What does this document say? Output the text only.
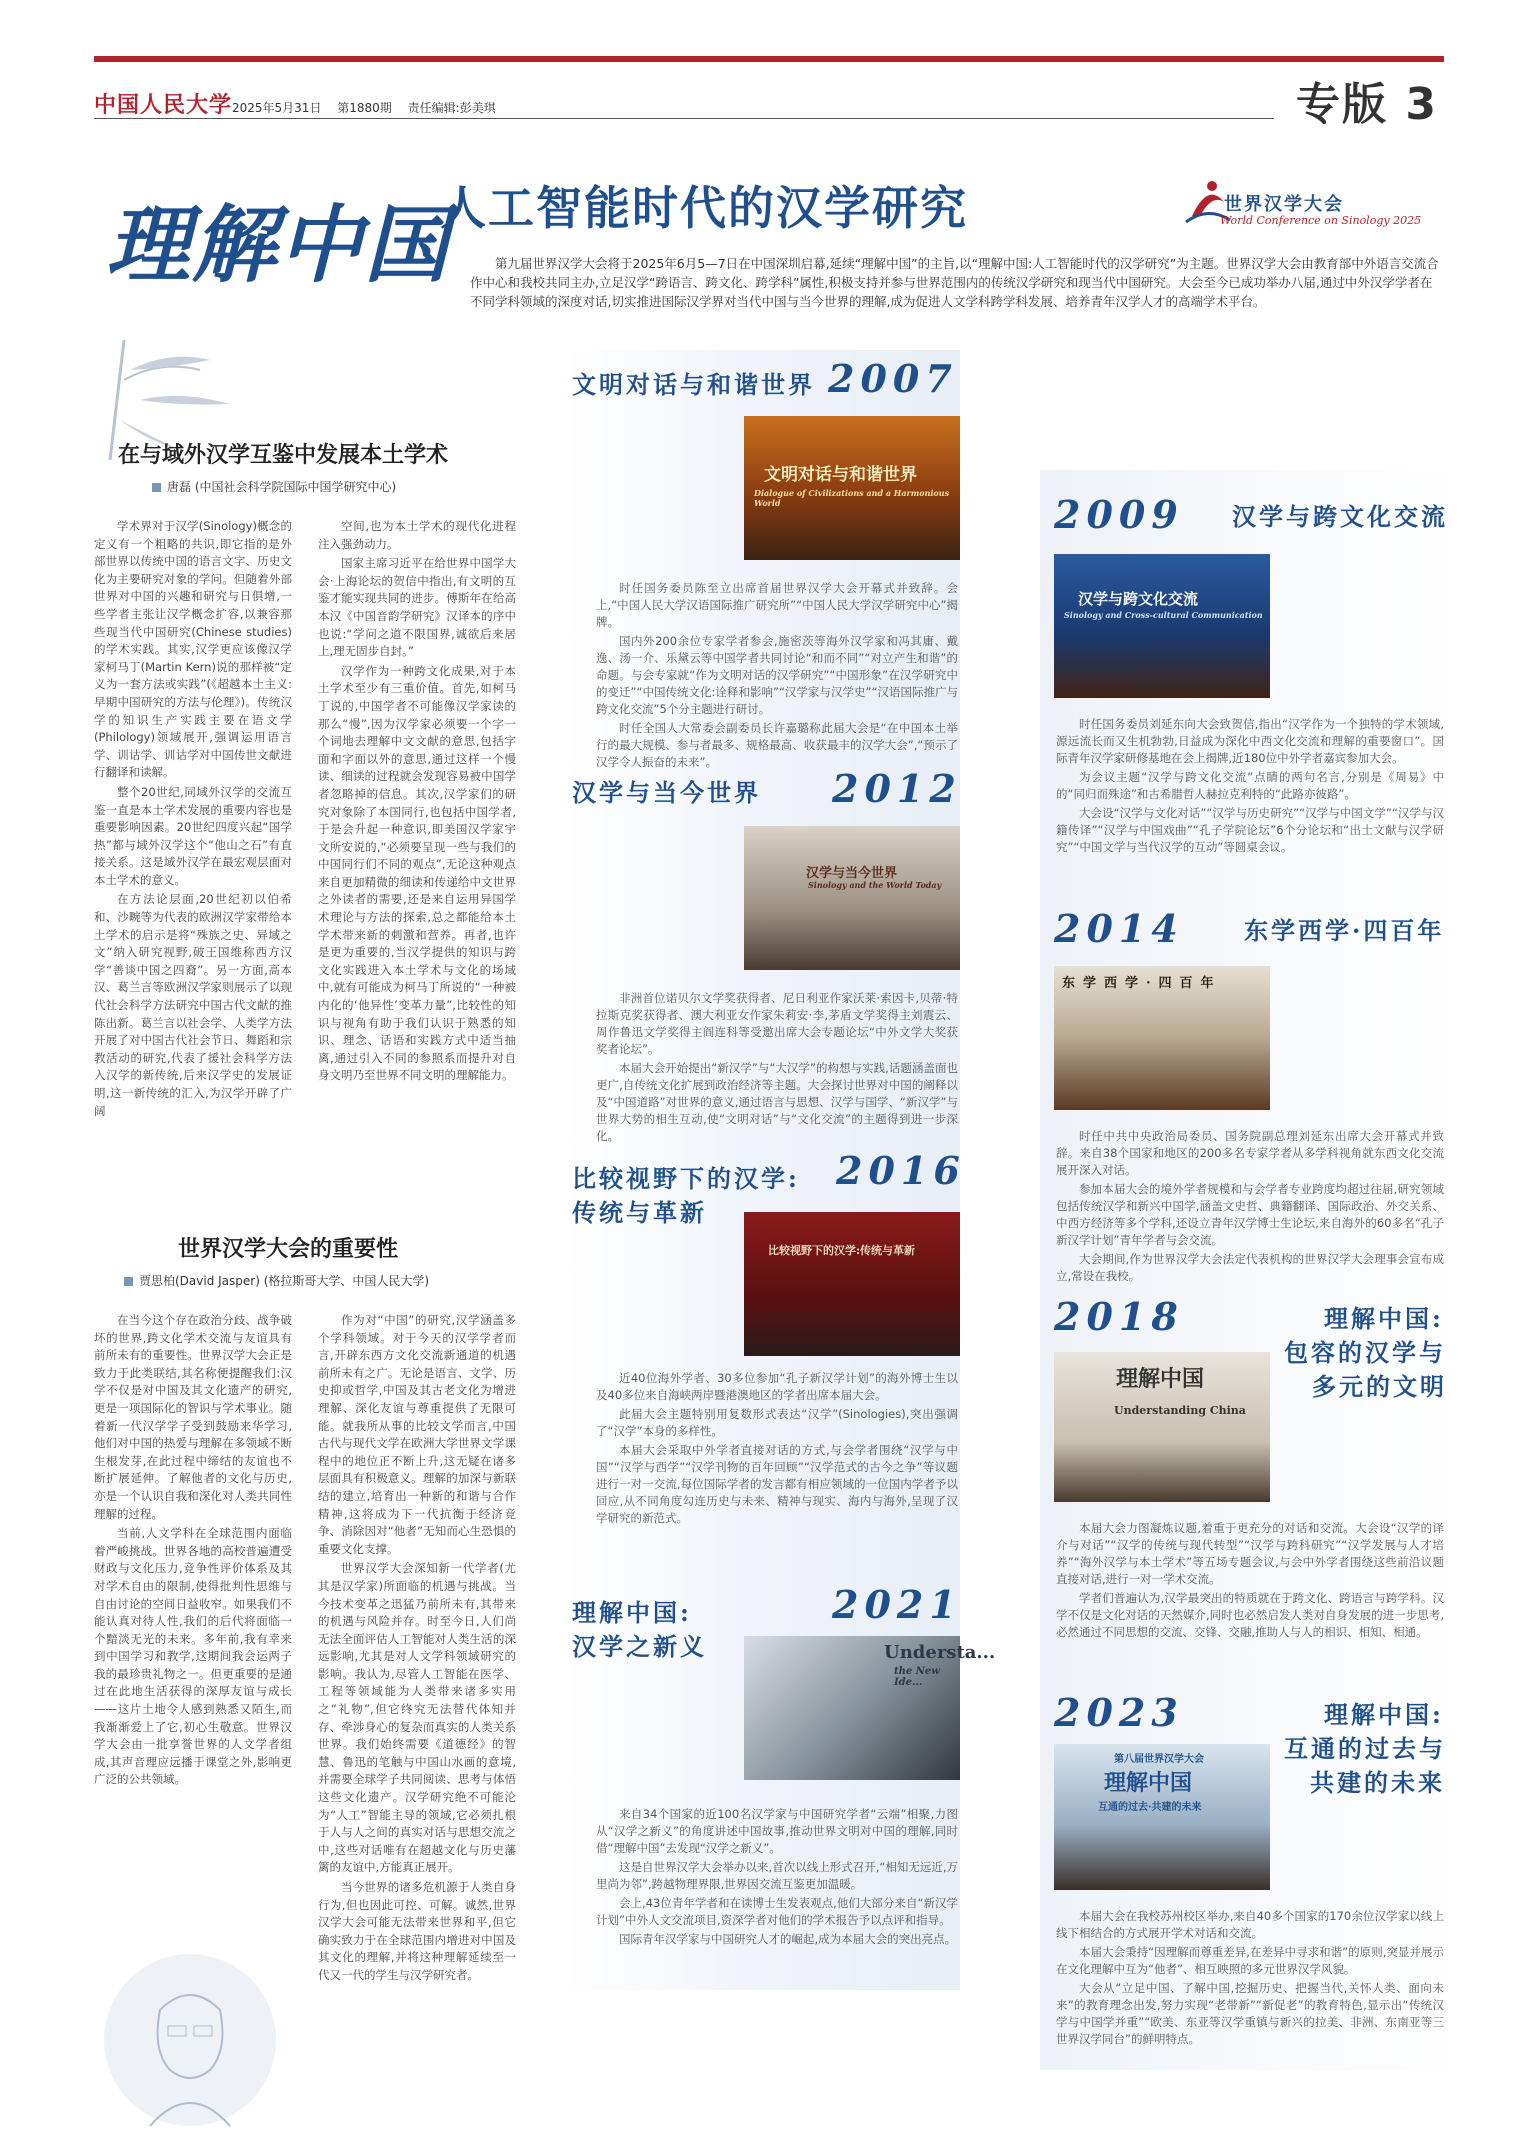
中国人民大学 2025年5月31日 第1880期 责任编辑:彭美琪	专版 3
理解中国
人工智能时代的汉学研究	世界汉学大会
World Conference on Sinology 2025
第九届世界汉学大会将于2025年6月5—7日在中国深圳启幕,延续“理解中国”的主旨,以“理解中国:人工智能时代的汉学研究”为主题。世界汉学大会由教育部中外语言交流合作中心和我校共同主办,立足汉学“跨语言、跨文化、跨学科”属性,积极支持并参与世界范围内的传统汉学研究和现当代中国研究。大会至今已成功举办八届,通过中外汉学学者在不同学科领域的深度对话,切实推进国际汉学界对当代中国与当今世界的理解,成为促进人文学科跨学科发展、培养青年汉学人才的高端学术平台。
在与域外汉学互鉴中发展本土学术
唐磊 (中国社会科学院国际中国学研究中心)

学术界对于汉学(Sinology)概念的定义有一个粗略的共识,即它指的是外部世界以传统中国的语言文字、历史文化为主要研究对象的学问。但随着外部世界对中国的兴趣和研究与日俱增,一些学者主张让汉学概念扩容,以兼容那些现当代中国研究(Chinese studies)的学术实践。其实,汉学更应该像汉学家柯马丁(Martin Kern)说的那样被“定义为一套方法或实践”(《超越本土主义:早期中国研究的方法与伦理》)。传统汉学的知识生产实践主要在语文学(Philology)领域展开,强调运用语言学、训诂学、训诂学对中国传世文献进行翻译和读解。

整个20世纪,同域外汉学的交流互鉴一直是本土学术发展的重要内容也是重要影响因素。20世纪四度兴起“国学热”都与域外汉学这个“他山之石”有直接关系。这是域外汉学在最宏观层面对本土学术的意义。

在方法论层面,20世纪初以伯希和、沙畹等为代表的欧洲汉学家带给本土学术的启示是将“殊族之史、异域之文”纳入研究视野,破王国维称西方汉学“善谈中国之四裔”。另一方面,高本汉、葛兰言等欧洲汉学家则展示了以现代社会科学方法研究中国古代文献的推陈出新。葛兰言以社会学、人类学方法开展了对中国古代社会节日、舞蹈和宗教活动的研究,代表了援社会科学方法入汉学的新传统,后来汉学史的发展证明,这一新传统的汇入,为汉学开辟了广阔

空间,也为本土学术的现代化进程注入强劲动力。

国家主席习近平在给世界中国学大会·上海论坛的贺信中指出,有文明的互鉴才能实现共同的进步。傅斯年在给高本汉《中国音韵学研究》汉译本的序中也说:“学问之道不限国界,诚欲后来居上,理无固步自封。”

汉学作为一种跨文化成果,对于本土学术至少有三重价值。首先,如柯马丁说的,中国学者不可能像汉学家读的那么“慢”,因为汉学家必须要一个字一个词地去理解中文文献的意思,包括字面和字面以外的意思,通过这样一个慢读、细读的过程就会发现容易被中国学者忽略掉的信息。其次,汉学家们的研究对象除了本国同行,也包括中国学者,于是会升起一种意识,即美国汉学家宇文所安说的,“必须要呈现一些与我们的中国同行们不同的观点”,无论这种观点来自更加精微的细读和传递给中文世界之外读者的需要,还是来自运用异国学术理论与方法的探索,总之都能给本土学术带来新的刺激和营养。再者,也许是更为重要的,当汉学提供的知识与跨文化实践进入本土学术与文化的场域中,就有可能成为柯马丁所说的“一种被内化的‘他异性’变革力量”,比较性的知识与视角有助于我们认识于熟悉的知识、理念、话语和实践方式中适当抽离,通过引入不同的参照系而提升对自身文明乃至世界不同文明的理解能力。

世界汉学大会的重要性
贾思柏(David Jasper) (格拉斯哥大学、中国人民大学)

在当今这个存在政治分歧、战争破坏的世界,跨文化学术交流与友谊具有前所未有的重要性。世界汉学大会正是致力于此类联结,其名称便提醒我们:汉学不仅是对中国及其文化遗产的研究,更是一项国际化的智识与学术事业。随着新一代汉学学子受到鼓励来华学习,他们对中国的热爱与理解在多领域不断生根发芽,在此过程中缔结的友谊也不断扩展延伸。了解他者的文化与历史,亦是一个认识自我和深化对人类共同性理解的过程。

当前,人文学科在全球范围内面临着严峻挑战。世界各地的高校普遍遭受财政与文化压力,竞争性评价体系及其对学术自由的限制,使得批判性思维与自由讨论的空间日益收窄。如果我们不能认真对待人性,我们的后代将面临一个黯淡无光的未来。多年前,我有幸来到中国学习和教学,这期间我会运两子我的最珍贵礼物之一。但更重要的是通过在此地生活获得的深厚友谊与成长——这片土地令人感到熟悉又陌生,而我渐渐爱上了它,初心生敬意。世界汉学大会由一批享誉世界的人文学者组成,其声音理应远播于课堂之外,影响更广泛的公共领域。

作为对“中国”的研究,汉学涵盖多个学科领域。对于今天的汉学学者而言,开辟东西方文化交流新通道的机遇前所未有之广。无论是语言、文学、历史抑或哲学,中国及其古老文化为增进理解、深化友谊与尊重提供了无限可能。就我所从事的比较文学而言,中国古代与现代文学在欧洲大学世界文学课程中的地位正不断上升,这无疑在诸多层面具有积极意义。理解的加深与新联结的建立,培育出一种新的和谐与合作精神,这将成为下一代抗衡于经济竞争、消除因对“他者”无知而心生恐惧的重要文化支撑。

世界汉学大会深知新一代学者(尤其是汉学家)所面临的机遇与挑战。当今技术变革之迅猛乃前所未有,其带来的机遇与风险并存。时至今日,人们尚无法全面评估人工智能对人类生活的深远影响,尤其是对人文学科领域研究的影响。我认为,尽管人工智能在医学、工程等领域能为人类带来诸多实用之“礼物”,但它终究无法替代体知并存、牵涉身心的复杂而真实的人类关系世界。我们始终需要《道德经》的智慧、鲁迅的笔触与中国山水画的意境,并需要全球学子共同阅读、思考与体悟这些文化遗产。汉学研究绝不可能沦为“人工”智能主导的领域,它必须扎根于人与人之间的真实对话与思想交流之中,这些对话唯有在超越文化与历史藩篱的友谊中,方能真正展开。

当今世界的诸多危机源于人类自身行为,但也因此可控、可解。诚然,世界汉学大会可能无法带来世界和平,但它确实致力于在全球范围内增进对中国及其文化的理解,并将这种理解延续至一代又一代的学生与汉学研究者。

文明对话与和谐世界 2007
文明对话与和谐世界
Dialogue of Civilizations and a Harmonious World

时任国务委员陈至立出席首届世界汉学大会开幕式并致辞。会上,“中国人民大学汉语国际推广研究所”“中国人民大学汉学研究中心”揭牌。

国内外200余位专家学者参会,施密茨等海外汉学家和冯其庸、戴逸、汤一介、乐黛云等中国学者共同讨论“和而不同”“对立产生和谐”的命题。与会专家就“作为文明对话的汉学研究”“中国形象”在汉学研究中的变迁”“中国传统文化:诠释和影响”“汉学家与汉学史”“汉语国际推广与跨文化交流”5个分主题进行研讨。

时任全国人大常委会副委员长许嘉璐称此届大会是“在中国本土举行的最大规模、参与者最多、规格最高、收获最丰的汉学大会”,“预示了汉学令人振奋的未来”。

汉学与当今世界 2012
汉学与当今世界
Sinology and the World Today

非洲首位诺贝尔文学奖获得者、尼日利亚作家沃莱·索因卡,贝蒂·特拉斯克奖获得者、澳大利亚女作家朱莉安·李,茅盾文学奖得主刘震云、周作鲁迅文学奖得主阎连科等受邀出席大会专题论坛“中外文学大奖获奖者论坛”。

本届大会开始提出“新汉学”与“大汉学”的构想与实践,话题涵盖面也更广,自传统文化扩展到政治经济等主题。大会探讨世界对中国的阐释以及“中国道路”对世界的意义,通过语言与思想、汉学与国学、“新汉学”与世界大势的相生互动,使“文明对话”与“文化交流”的主题得到进一步深化。

比较视野下的汉学:
传统与革新
2016
比较视野下的汉学:传统与革新

近40位海外学者、30多位参加“孔子新汉学计划”的海外博士生以及40多位来自海峡两岸暨港澳地区的学者出席本届大会。

此届大会主题特别用复数形式表达“汉学”(Sinologies),突出强调了“汉学”本身的多样性。

本届大会采取中外学者直接对话的方式,与会学者围绕“汉学与中国”“汉学与西学”“汉学刊物的百年回顾”“汉学范式的古今之争”等议题进行一对一交流,每位国际学者的发言都有相应领域的一位国内学者予以回应,从不同角度勾连历史与未来、精神与现实、海内与海外,呈现了汉学研究的新范式。

理解中国:
汉学之新义
2021
Understa...
the New Ide...

来自34个国家的近100名汉学家与中国研究学者“云端”相聚,力图从“汉学之新义”的角度讲述中国故事,推动世界文明对中国的理解,同时借“理解中国”去发现“汉学之新义”。

这是自世界汉学大会举办以来,首次以线上形式召开,“相知无远近,万里尚为邻”,跨越物理界限,世界因交流互鉴更加温暖。

会上,43位青年学者和在读博士生发表观点,他们大部分来自“新汉学计划”中外人文交流项目,资深学者对他们的学术报告予以点评和指导。

国际青年汉学家与中国研究人才的崛起,成为本届大会的突出亮点。

2009 汉学与跨文化交流
汉学与跨文化交流
Sinology and Cross-cultural Communication

时任国务委员刘延东向大会致贺信,指出“汉学作为一个独特的学术领域,源远流长而又生机勃勃,日益成为深化中西文化交流和理解的重要窗口”。国际青年汉学家研修基地在会上揭牌,近180位中外学者嘉宾参加大会。

为会议主题“汉学与跨文化交流”点睛的两句名言,分别是《周易》中的“同归而殊途”和古希腊哲人赫拉克利特的“此路亦彼路”。

大会设“汉学与文化对话”“汉学与历史研究”“汉学与中国文学”“汉学与汉籍传译”“汉学与中国戏曲”“孔子学院论坛”6个分论坛和“出土文献与汉学研究”“中国文学与当代汉学的互动”等圆桌会议。

2014	东学西学·四百年
东学西学·四百年

时任中共中央政治局委员、国务院副总理刘延东出席大会开幕式并致辞。来自38个国家和地区的200多名专家学者从多学科视角就东西文化交流展开深入对话。

参加本届大会的境外学者规模和与会学者专业跨度均超过往届,研究领域包括传统汉学和新兴中国学,涵盖文史哲、典籍翻译、国际政治、外交关系、中西方经济等多个学科,还设立青年汉学博士生论坛,来自海外的60多名“孔子新汉学计划”青年学者与会交流。

大会期间,作为世界汉学大会法定代表机构的世界汉学大会理事会宣布成立,常设在我校。

2018	理解中国:
包容的汉学与
多元的文明
理解中国
Understanding China

本届大会力图凝炼议题,着重于更充分的对话和交流。大会设“汉学的译介与对话”“汉学的传统与现代转型”“汉学与跨科研究”“汉学发展与人才培养”“海外汉学与本土学术”等五场专题会议,与会中外学者围绕这些前沿议题直接对话,进行一对一学术交流。

学者们普遍认为,汉学最突出的特质就在于跨文化、跨语言与跨学科。汉学不仅是文化对话的天然媒介,同时也必然启发人类对自身发展的进一步思考,必然通过不同思想的交流、交锋、交融,推助人与人的相识、相知、相通。

2023	理解中国:
互通的过去与
共建的未来
第八届世界汉学大会
理解中国
互通的过去·共建的未来

本届大会在我校苏州校区举办,来自40多个国家的170余位汉学家以线上线下相结合的方式展开学术对话和交流。

本届大会秉持“因理解而尊重差异,在差异中寻求和谐”的原则,突显并展示在文化理解中互为“他者”、相互映照的多元世界汉学风貌。

大会从“立足中国、了解中国,挖掘历史、把握当代,关怀人类、面向未来”的教育理念出发,努力实现“老带新”“新促老”的教育特色,显示出“传统汉学与中国学并重”“欧美、东亚等汉学重镇与新兴的拉美、非洲、东南亚等三世界汉学同台”的鲜明特点。
